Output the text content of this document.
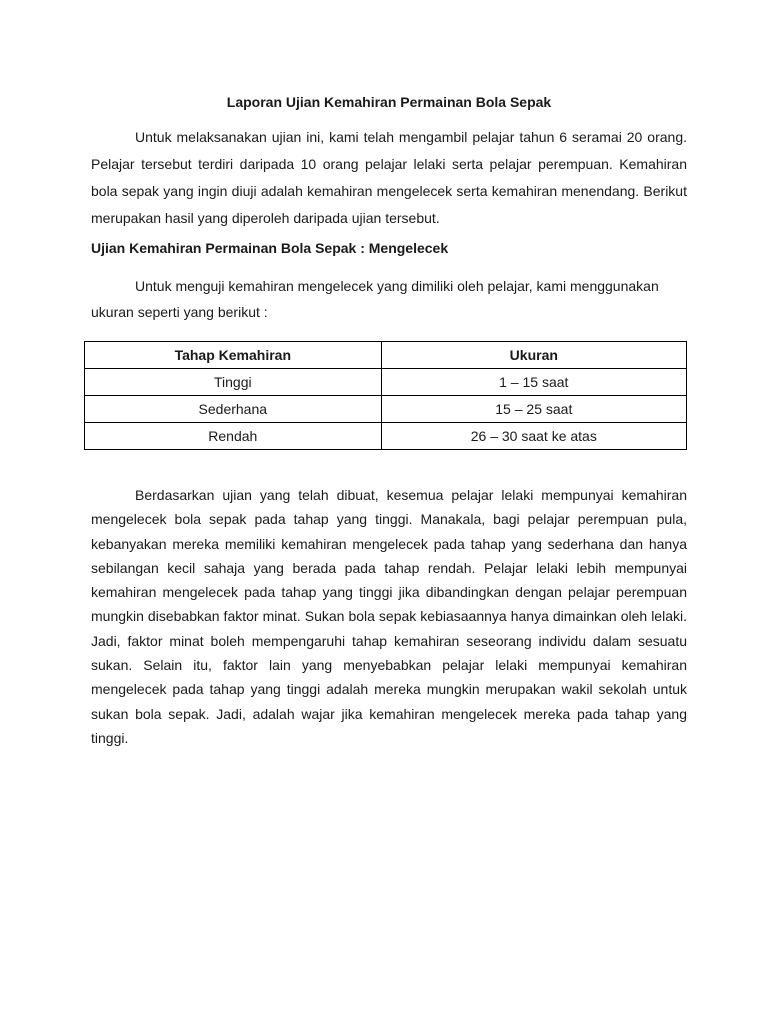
Laporan Ujian Kemahiran Permainan Bola Sepak

Untuk melaksanakan ujian ini, kami telah mengambil pelajar tahun 6 seramai 20 orang. Pelajar tersebut terdiri daripada 10 orang pelajar lelaki serta pelajar perempuan. Kemahiran bola sepak yang ingin diuji adalah kemahiran mengelecek serta kemahiran menendang. Berikut merupakan hasil yang diperoleh daripada ujian tersebut.

Ujian Kemahiran Permainan Bola Sepak : Mengelecek

Untuk menguji kemahiran mengelecek yang dimiliki oleh pelajar, kami menggunakan ukuran seperti yang berikut :

Tahap Kemahiran	Ukuran
Tinggi	1 – 15 saat
Sederhana	15 – 25 saat
Rendah	26 – 30 saat ke atas

Berdasarkan ujian yang telah dibuat, kesemua pelajar lelaki mempunyai kemahiran mengelecek bola sepak pada tahap yang tinggi. Manakala, bagi pelajar perempuan pula, kebanyakan mereka memiliki kemahiran mengelecek pada tahap yang sederhana dan hanya sebilangan kecil sahaja yang berada pada tahap rendah. Pelajar lelaki lebih mempunyai kemahiran mengelecek pada tahap yang tinggi jika dibandingkan dengan pelajar perempuan mungkin disebabkan faktor minat. Sukan bola sepak kebiasaannya hanya dimainkan oleh lelaki. Jadi, faktor minat boleh mempengaruhi tahap kemahiran seseorang individu dalam sesuatu sukan. Selain itu, faktor lain yang menyebabkan pelajar lelaki mempunyai kemahiran mengelecek pada tahap yang tinggi adalah mereka mungkin merupakan wakil sekolah untuk sukan bola sepak. Jadi, adalah wajar jika kemahiran mengelecek mereka pada tahap yang tinggi.
